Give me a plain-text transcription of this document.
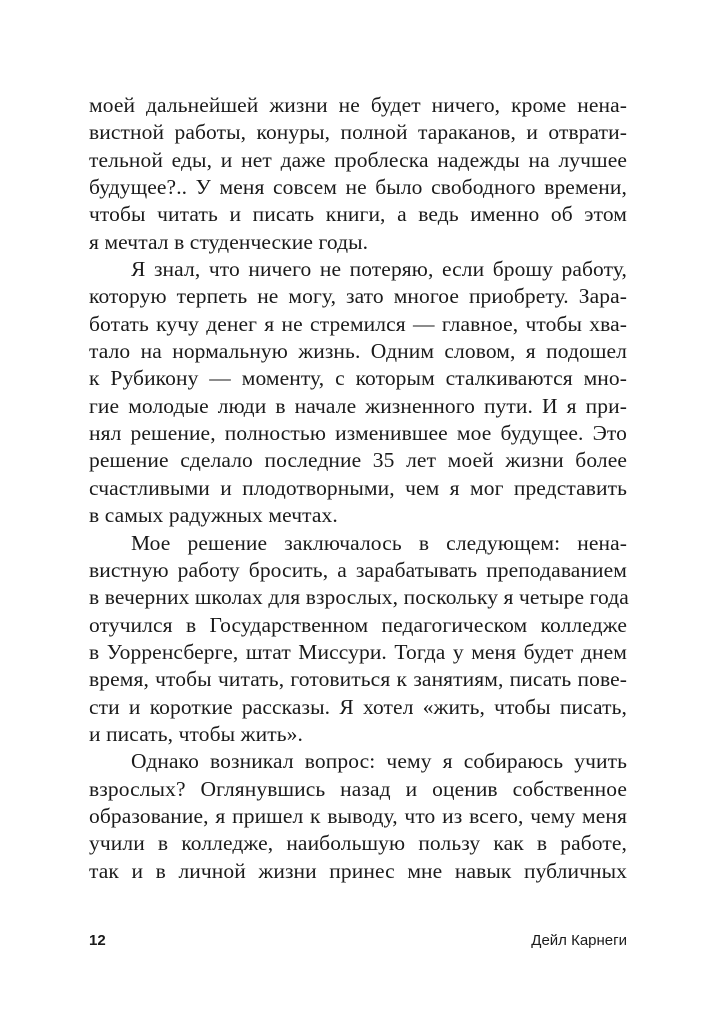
моей дальнейшей жизни не будет ничего, кроме нена-

вистной работы, конуры, полной тараканов, и отврати-

тельной еды, и нет даже проблеска надежды на лучшее

будущее?.. У меня совсем не было свободного времени,

чтобы читать и писать книги, а ведь именно об этом

я мечтал в студенческие годы.

Я знал, что ничего не потеряю, если брошу работу,

которую терпеть не могу, зато многое приобрету. Зара-

ботать кучу денег я не стремился — главное, чтобы хва-

тало на нормальную жизнь. Одним словом, я подошел

к Рубикону — моменту, с которым сталкиваются мно-

гие молодые люди в начале жизненного пути. И я при-

нял решение, полностью изменившее мое будущее. Это

решение сделало последние 35 лет моей жизни более

счастливыми и плодотворными, чем я мог представить

в самых радужных мечтах.

Мое решение заключалось в следующем: нена-

вистную работу бросить, а зарабатывать преподаванием

в вечерних школах для взрослых, поскольку я четыре года

отучился в Государственном педагогическом колледже

в Уорренсберге, штат Миссури. Тогда у меня будет днем

время, чтобы читать, готовиться к занятиям, писать пове-

сти и короткие рассказы. Я хотел «жить, чтобы писать,

и писать, чтобы жить».

Однако возникал вопрос: чему я собираюсь учить

взрослых? Оглянувшись назад и оценив собственное

образование, я пришел к выводу, что из всего, чему меня

учили в колледже, наибольшую пользу как в работе,

так и в личной жизни принес мне навык публичных

12	Дейл Карнеги
